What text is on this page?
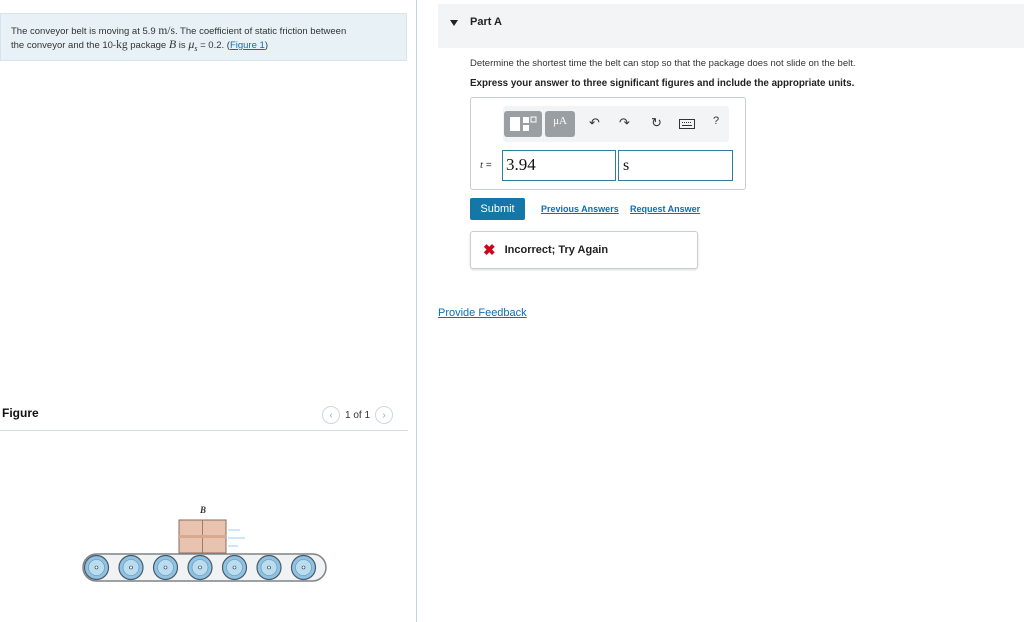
The conveyor belt is moving at 5.9 m/s. The coefficient of static friction between
the conveyor and the 10-kg package B is $\mu_s = 0.2$. (Figure 1)
Figure	‹	1 of 1	›
B
Part A
Determine the shortest time the belt can stop so that the package does not slide on the belt.
Express your answer to three significant figures and include the appropriate units.
μA	↶ ↷ ↻	?
t = 3.94	s
Submit	Previous Answers Request Answer
✖ Incorrect; Try Again
Provide Feedback
